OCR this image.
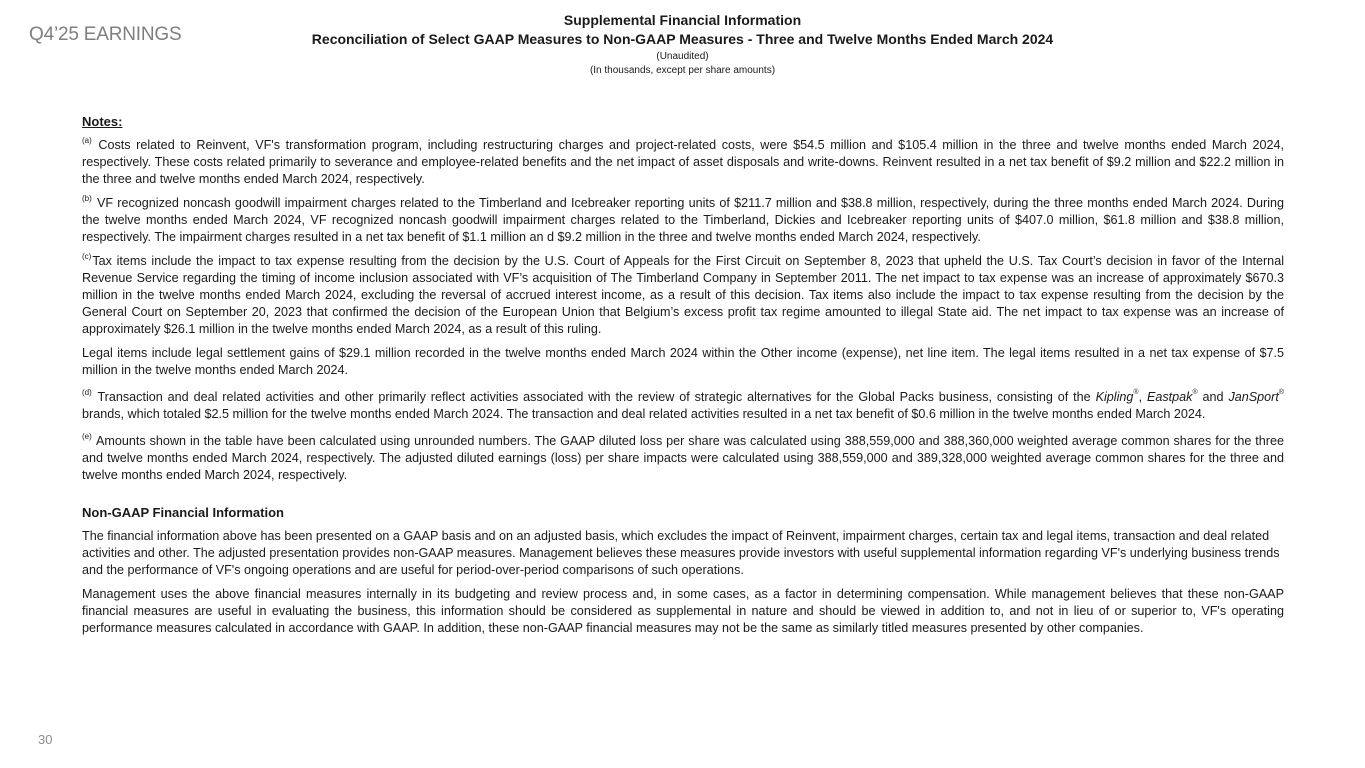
Q4’25 EARNINGS
Supplemental Financial Information
Reconciliation of Select GAAP Measures to Non-GAAP Measures - Three and Twelve Months Ended March 2024
(Unaudited)
(In thousands, except per share amounts)
Notes:

$^{(a)}$ Costs related to Reinvent, VF's transformation program, including restructuring charges and project-related costs, were $54.5 million and $105.4 million in the three and twelve months ended March 2024, respectively. These costs related primarily to severance and employee-related benefits and the net impact of asset disposals and write-downs. Reinvent resulted in a net tax benefit of $9.2 million and $22.2 million in the three and twelve months ended March 2024, respectively.

$^{(b)}$ VF recognized noncash goodwill impairment charges related to the Timberland and Icebreaker reporting units of $211.7 million and $38.8 million, respectively, during the three months ended March 2024. During the twelve months ended March 2024, VF recognized noncash goodwill impairment charges related to the Timberland, Dickies and Icebreaker reporting units of $407.0 million, $61.8 million and $38.8 million, respectively. The impairment charges resulted in a net tax benefit of $1.1 million an d $9.2 million in the three and twelve months ended March 2024, respectively.

$^{(c)}$Tax items include the impact to tax expense resulting from the decision by the U.S. Court of Appeals for the First Circuit on September 8, 2023 that upheld the U.S. Tax Court’s decision in favor of the Internal Revenue Service regarding the timing of income inclusion associated with VF’s acquisition of The Timberland Company in September 2011. The net impact to tax expense was an increase of approximately $670.3 million in the twelve months ended March 2024, excluding the reversal of accrued interest income, as a result of this decision. Tax items also include the impact to tax expense resulting from the decision by the General Court on September 20, 2023 that confirmed the decision of the European Union that Belgium’s excess profit tax regime amounted to illegal State aid. The net impact to tax expense was an increase of approximately $26.1 million in the twelve months ended March 2024, as a result of this ruling.

Legal items include legal settlement gains of $29.1 million recorded in the twelve months ended March 2024 within the Other income (expense), net line item. The legal items resulted in a net tax expense of $7.5 million in the twelve months ended March 2024.

$^{(d)}$ Transaction and deal related activities and other primarily reflect activities associated with the review of strategic alternatives for the Global Packs business, consisting of the Kipling®, Eastpak® and JanSport® brands, which totaled $2.5 million for the twelve months ended March 2024. The transaction and deal related activities resulted in a net tax benefit of $0.6 million in the twelve months ended March 2024.

$^{(e)}$ Amounts shown in the table have been calculated using unrounded numbers. The GAAP diluted loss per share was calculated using 388,559,000 and 388,360,000 weighted average common shares for the three and twelve months ended March 2024, respectively. The adjusted diluted earnings (loss) per share impacts were calculated using 388,559,000 and 389,328,000 weighted average common shares for the three and twelve months ended March 2024, respectively.

Non-GAAP Financial Information

The financial information above has been presented on a GAAP basis and on an adjusted basis, which excludes the impact of Reinvent, impairment charges, certain tax and legal items, transaction and deal related activities and other. The adjusted presentation provides non-GAAP measures. Management believes these measures provide investors with useful supplemental information regarding VF's underlying business trends and the performance of VF's ongoing operations and are useful for period-over-period comparisons of such operations.

Management uses the above financial measures internally in its budgeting and review process and, in some cases, as a factor in determining compensation. While management believes that these non-GAAP financial measures are useful in evaluating the business, this information should be considered as supplemental in nature and should be viewed in addition to, and not in lieu of or superior to, VF's operating performance measures calculated in accordance with GAAP. In addition, these non-GAAP financial measures may not be the same as similarly titled measures presented by other companies.

30
